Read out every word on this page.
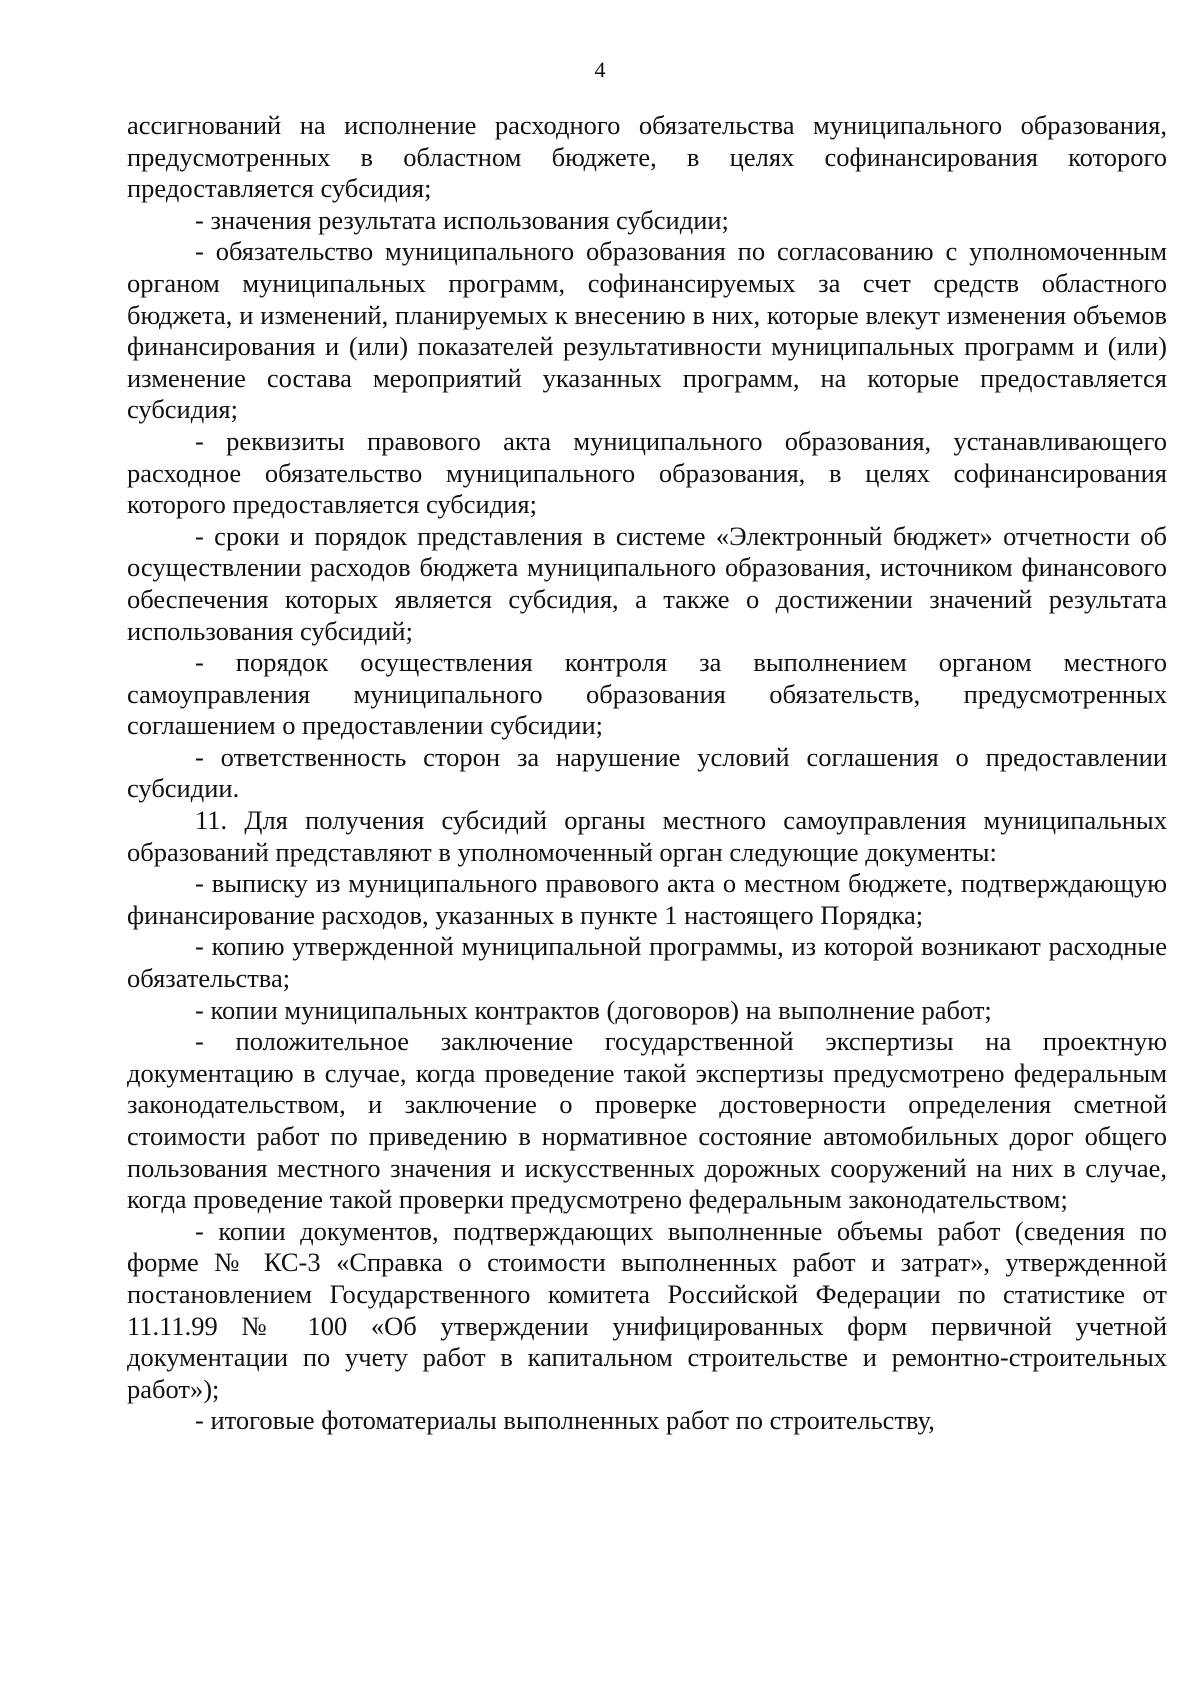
4

ассигнований на исполнение расходного обязательства муниципального образования, предусмотренных в областном бюджете, в целях софинансирования которого предоставляется субсидия;

- значения результата использования субсидии;

- обязательство муниципального образования по согласованию с уполномоченным органом муниципальных программ, софинансируемых за счет средств областного бюджета, и изменений, планируемых к внесению в них, которые влекут изменения объемов финансирования и (или) показателей результативности муниципальных программ и (или) изменение состава мероприятий указанных программ, на которые предоставляется субсидия;

- реквизиты правового акта муниципального образования, устанавливающего расходное обязательство муниципального образования, в целях софинансирования которого предоставляется субсидия;

- сроки и порядок представления в системе «Электронный бюджет» отчетности об осуществлении расходов бюджета муниципального образования, источником финансового обеспечения которых является субсидия, а также о достижении значений результата использования субсидий;

- порядок осуществления контроля за выполнением органом местного самоуправления муниципального образования обязательств, предусмотренных соглашением о предоставлении субсидии;

- ответственность сторон за нарушение условий соглашения о предоставлении субсидии.

11. Для получения субсидий органы местного самоуправления муниципальных образований представляют в уполномоченный орган следующие документы:

- выписку из муниципального правового акта о местном бюджете, подтверждающую финансирование расходов, указанных в пункте 1 настоящего Порядка;

- копию утвержденной муниципальной программы, из которой возникают расходные обязательства;

- копии муниципальных контрактов (договоров) на выполнение работ;

- положительное заключение государственной экспертизы на проектную документацию в случае, когда проведение такой экспертизы предусмотрено федеральным законодательством, и заключение о проверке достоверности определения сметной стоимости работ по приведению в нормативное состояние автомобильных дорог общего пользования местного значения и искусственных дорожных сооружений на них в случае, когда проведение такой проверки предусмотрено федеральным законодательством;

- копии документов, подтверждающих выполненные объемы работ (сведения по форме № КС-3 «Справка о стоимости выполненных работ и затрат», утвержденной постановлением Государственного комитета Российской Федерации по статистике от 11.11.99 № 100 «Об утверждении унифицированных форм первичной учетной документации по учету работ в капитальном строительстве и ремонтно-строительных работ»);

- итоговые фотоматериалы выполненных работ по строительству,
